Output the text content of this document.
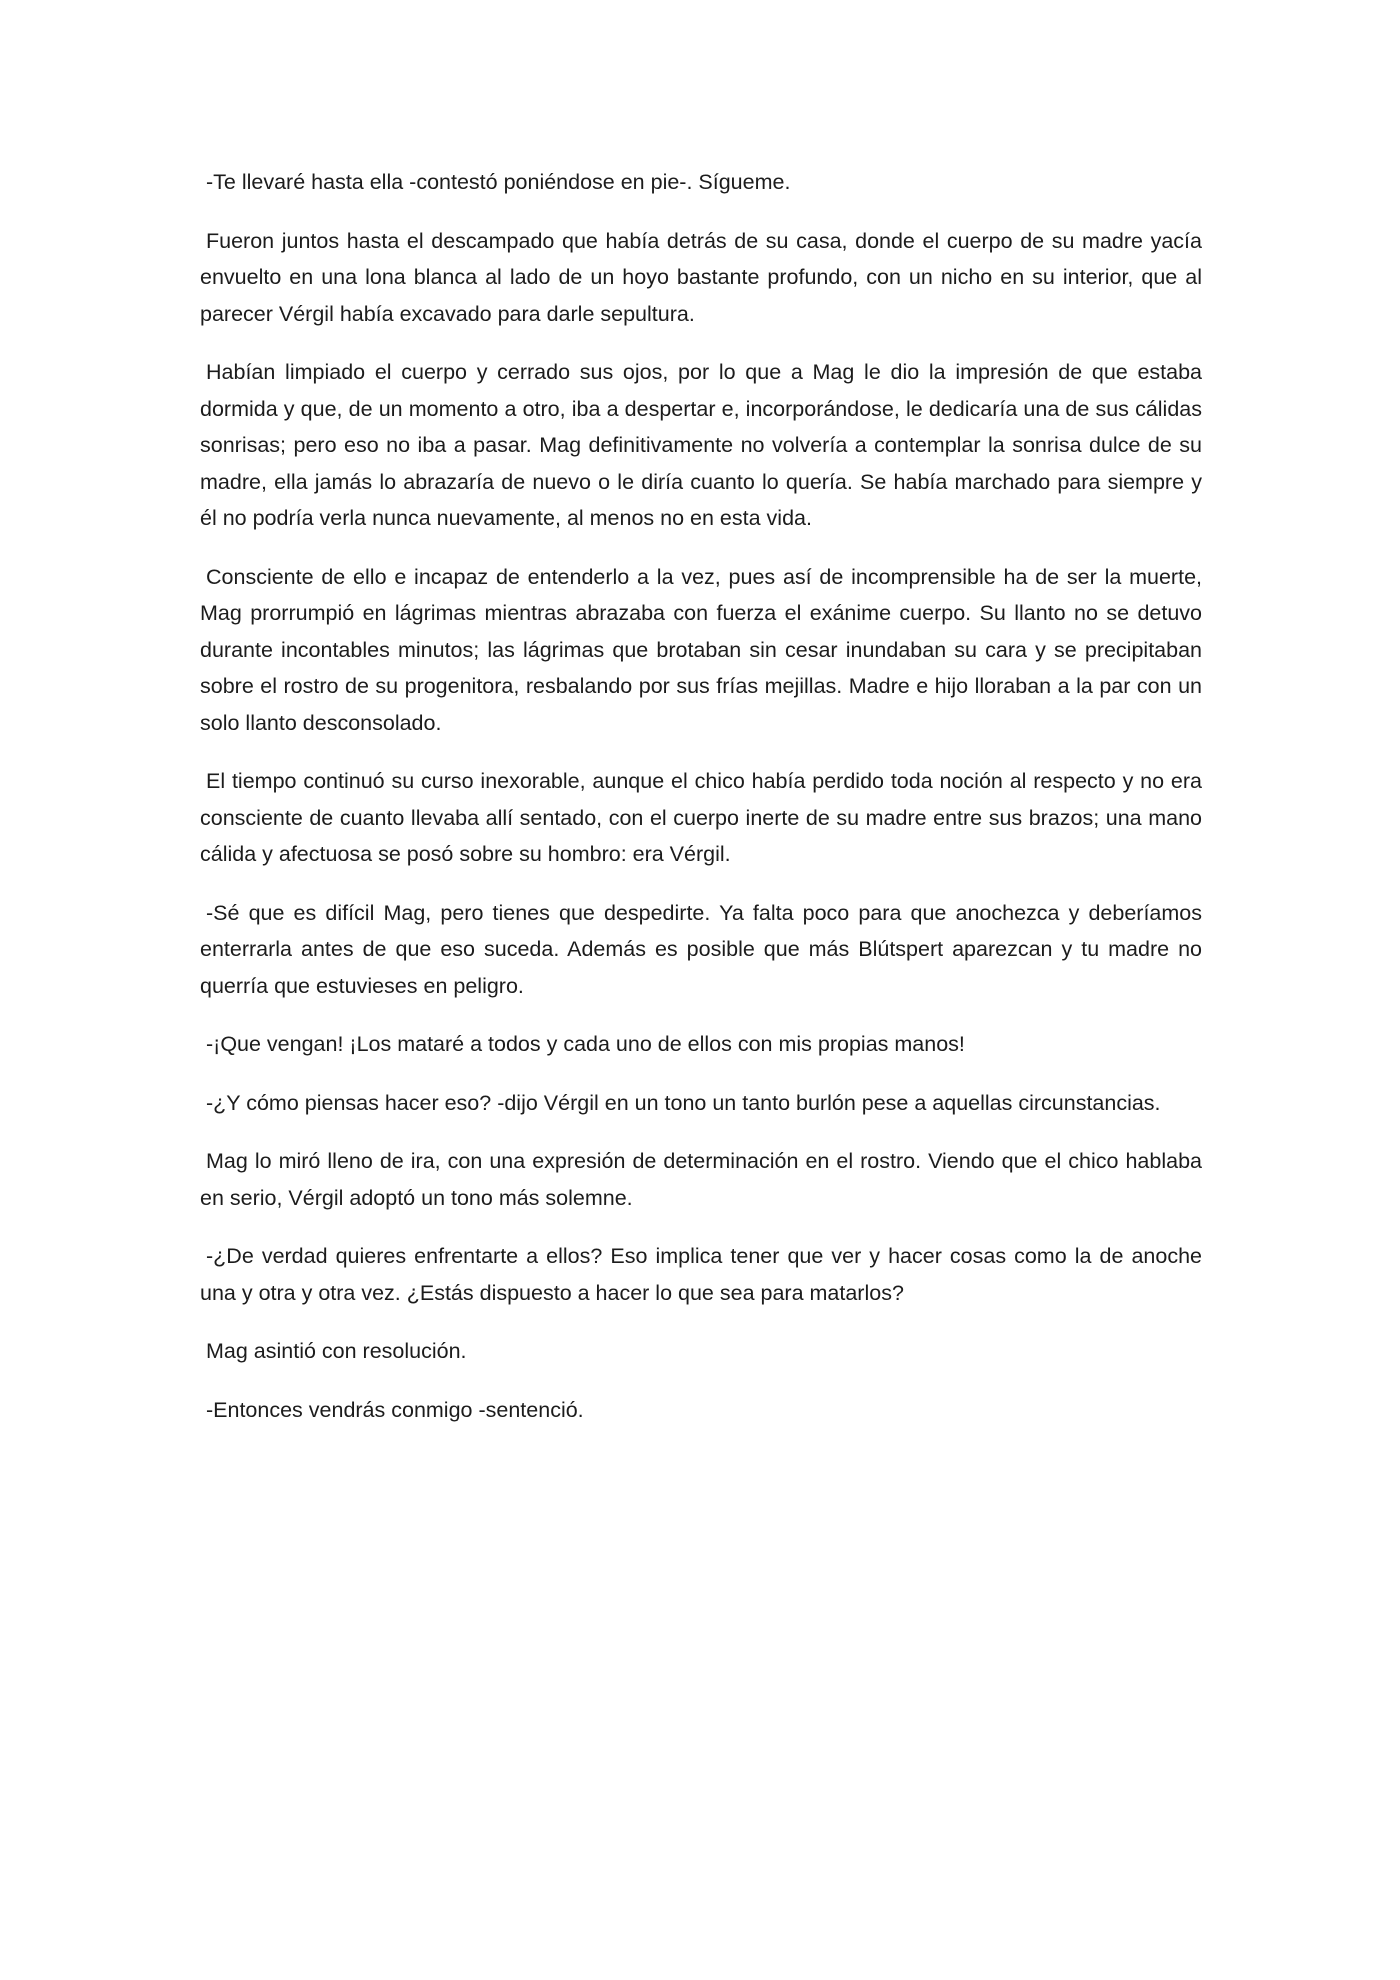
-Te llevaré hasta ella -contestó poniéndose en pie-. Sígueme.

Fueron juntos hasta el descampado que había detrás de su casa, donde el cuerpo de su madre yacía envuelto en una lona blanca al lado de un hoyo bastante profundo, con un nicho en su interior, que al parecer Vérgil había excavado para darle sepultura.

Habían limpiado el cuerpo y cerrado sus ojos, por lo que a Mag le dio la impresión de que estaba dormida y que, de un momento a otro, iba a despertar e, incorporándose, le dedicaría una de sus cálidas sonrisas; pero eso no iba a pasar. Mag definitivamente no volvería a contemplar la sonrisa dulce de su madre, ella jamás lo abrazaría de nuevo o le diría cuanto lo quería. Se había marchado para siempre y él no podría verla nunca nuevamente, al menos no en esta vida.

Consciente de ello e incapaz de entenderlo a la vez, pues así de incomprensible ha de ser la muerte, Mag prorrumpió en lágrimas mientras abrazaba con fuerza el exánime cuerpo. Su llanto no se detuvo durante incontables minutos; las lágrimas que brotaban sin cesar inundaban su cara y se precipitaban sobre el rostro de su progenitora, resbalando por sus frías mejillas. Madre e hijo lloraban a la par con un solo llanto desconsolado.

El tiempo continuó su curso inexorable, aunque el chico había perdido toda noción al respecto y no era consciente de cuanto llevaba allí sentado, con el cuerpo inerte de su madre entre sus brazos; una mano cálida y afectuosa se posó sobre su hombro: era Vérgil.

-Sé que es difícil Mag, pero tienes que despedirte. Ya falta poco para que anochezca y deberíamos enterrarla antes de que eso suceda. Además es posible que más Blútspert aparezcan y tu madre no querría que estuvieses en peligro.

-¡Que vengan! ¡Los mataré a todos y cada uno de ellos con mis propias manos!

-¿Y cómo piensas hacer eso? -dijo Vérgil en un tono un tanto burlón pese a aquellas circunstancias.

Mag lo miró lleno de ira, con una expresión de determinación en el rostro. Viendo que el chico hablaba en serio, Vérgil adoptó un tono más solemne.

-¿De verdad quieres enfrentarte a ellos? Eso implica tener que ver y hacer cosas como la de anoche una y otra y otra vez. ¿Estás dispuesto a hacer lo que sea para matarlos?

Mag asintió con resolución.

-Entonces vendrás conmigo -sentenció.
